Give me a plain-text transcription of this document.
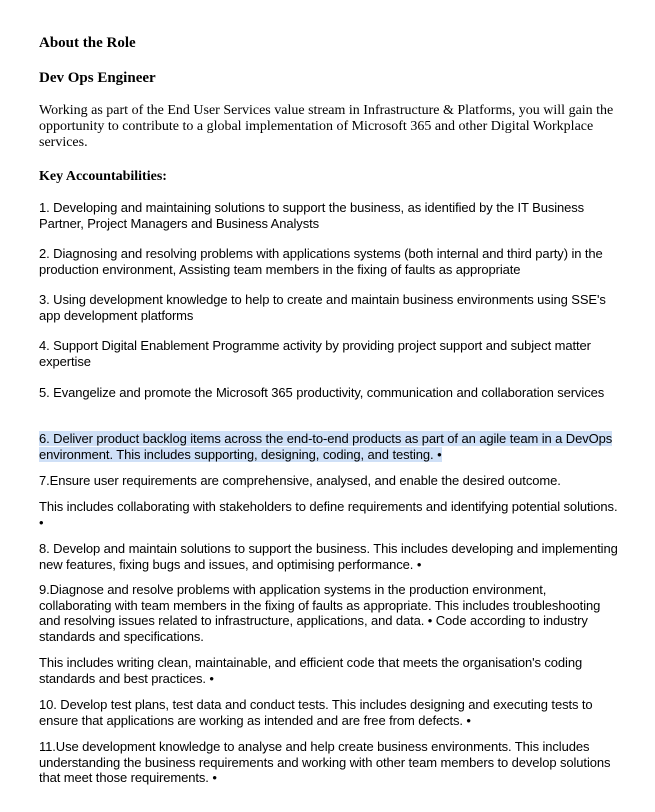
About the Role
Dev Ops Engineer

Working as part of the End User Services value stream in Infrastructure & Platforms, you will gain the opportunity to contribute to a global implementation of Microsoft 365 and other Digital Workplace services.

Key Accountabilities:

1. Developing and maintaining solutions to support the business, as identified by the IT Business Partner, Project Managers and Business Analysts

2. Diagnosing and resolving problems with applications systems (both internal and third party) in the production environment, Assisting team members in the fixing of faults as appropriate

3. Using development knowledge to help to create and maintain business environments using SSE's app development platforms

4. Support Digital Enablement Programme activity by providing project support and subject matter expertise

5. Evangelize and promote the Microsoft 365 productivity, communication and collaboration services

6. Deliver product backlog items across the end-to-end products as part of an agile team in a DevOps environment. This includes supporting, designing, coding, and testing. •

7.Ensure user requirements are comprehensive, analysed, and enable the desired outcome.

This includes collaborating with stakeholders to define requirements and identifying potential solutions. •

8. Develop and maintain solutions to support the business. This includes developing and implementing new features, fixing bugs and issues, and optimising performance. •

9.Diagnose and resolve problems with application systems in the production environment, collaborating with team members in the fixing of faults as appropriate. This includes troubleshooting and resolving issues related to infrastructure, applications, and data. • Code according to industry standards and specifications.

This includes writing clean, maintainable, and efficient code that meets the organisation's coding standards and best practices. •

10. Develop test plans, test data and conduct tests. This includes designing and executing tests to ensure that applications are working as intended and are free from defects. •

11.Use development knowledge to analyse and help create business environments. This includes understanding the business requirements and working with other team members to develop solutions that meet those requirements. •
